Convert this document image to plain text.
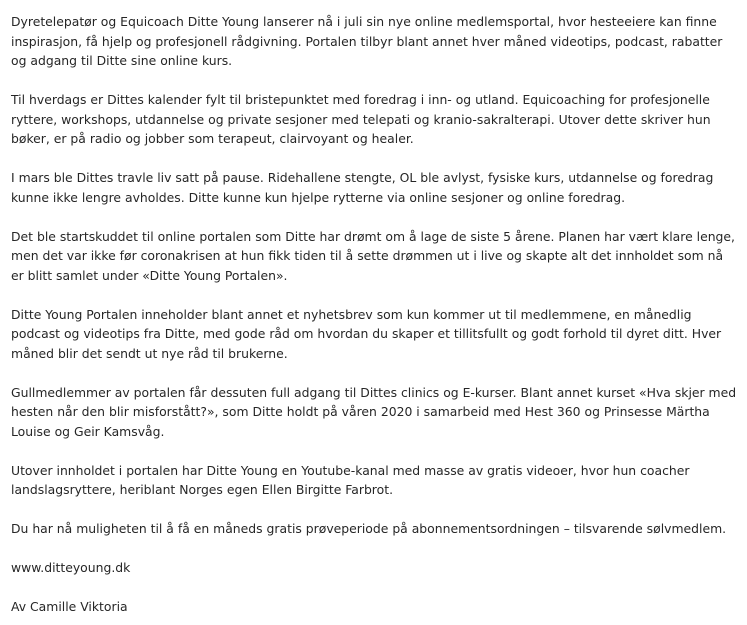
Dyretelepatør og Equicoach Ditte Young lanserer nå i juli sin nye online medlemsportal, hvor hesteeiere kan finne inspirasjon, få hjelp og profesjonell rådgivning. Portalen tilbyr blant annet hver måned videotips, podcast, rabatter og adgang til Ditte sine online kurs.

Til hverdags er Dittes kalender fylt til bristepunktet med foredrag i inn- og utland. Equicoaching for profesjonelle ryttere, workshops, utdannelse og private sesjoner med telepati og kranio-sakralterapi. Utover dette skriver hun bøker, er på radio og jobber som terapeut, clairvoyant og healer.

I mars ble Dittes travle liv satt på pause. Ridehallene stengte, OL ble avlyst, fysiske kurs, utdannelse og foredrag kunne ikke lengre avholdes. Ditte kunne kun hjelpe rytterne via online sesjoner og online foredrag.

Det ble startskuddet til online portalen som Ditte har drømt om å lage de siste 5 årene. Planen har vært klare lenge, men det var ikke før coronakrisen at hun fikk tiden til å sette drømmen ut i live og skapte alt det innholdet som nå er blitt samlet under «Ditte Young Portalen».

Ditte Young Portalen inneholder blant annet et nyhetsbrev som kun kommer ut til medlemmene, en månedlig podcast og videotips fra Ditte, med gode råd om hvordan du skaper et tillitsfullt og godt forhold til dyret ditt. Hver måned blir det sendt ut nye råd til brukerne.

Gullmedlemmer av portalen får dessuten full adgang til Dittes clinics og E-kurser. Blant annet kurset «Hva skjer med hesten når den blir misforstått?», som Ditte holdt på våren 2020 i samarbeid med Hest 360 og Prinsesse Märtha Louise og Geir Kamsvåg.

Utover innholdet i portalen har Ditte Young en Youtube-kanal med masse av gratis videoer, hvor hun coacher landslagsryttere, heriblant Norges egen Ellen Birgitte Farbrot.

Du har nå muligheten til å få en måneds gratis prøveperiode på abonnementsordningen – tilsvarende sølvmedlem.

www.ditteyoung.dk

Av Camille Viktoria
